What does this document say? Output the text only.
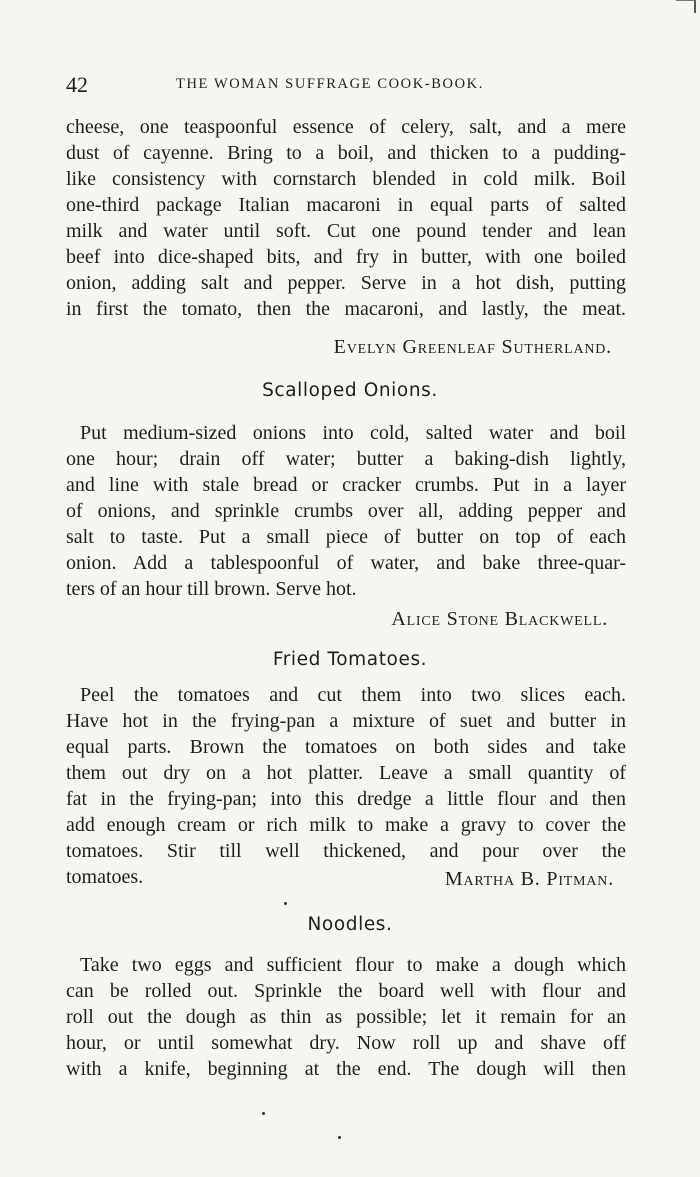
42	THE WOMAN SUFFRAGE COOK-BOOK.
cheese, one teaspoonful essence of celery, salt, and a mere
dust of cayenne. Bring to a boil, and thicken to a pudding-
like consistency with cornstarch blended in cold milk. Boil
one-third package Italian macaroni in equal parts of salted
milk and water until soft. Cut one pound tender and lean
beef into dice-shaped bits, and fry in butter, with one boiled
onion, adding salt and pepper. Serve in a hot dish, putting
in first the tomato, then the macaroni, and lastly, the meat.
Evelyn Greenleaf Sutherland.
Scalloped Onions.
Put medium-sized onions into cold, salted water and boil
one hour; drain off water; butter a baking-dish lightly,
and line with stale bread or cracker crumbs. Put in a layer
of onions, and sprinkle crumbs over all, adding pepper and
salt to taste. Put a small piece of butter on top of each
onion. Add a tablespoonful of water, and bake three-quar-
ters of an hour till brown. Serve hot.
Alice Stone Blackwell.
Fried Tomatoes.
Peel the tomatoes and cut them into two slices each.
Have hot in the frying-pan a mixture of suet and butter in
equal parts. Brown the tomatoes on both sides and take
them out dry on a hot platter. Leave a small quantity of
fat in the frying-pan; into this dredge a little flour and then
add enough cream or rich milk to make a gravy to cover the
tomatoes. Stir till well thickened, and pour over the
tomatoes.	Martha B. Pitman.
Noodles.
Take two eggs and sufficient flour to make a dough which
can be rolled out. Sprinkle the board well with flour and
roll out the dough as thin as possible; let it remain for an
hour, or until somewhat dry. Now roll up and shave off
with a knife, beginning at the end. The dough will then
